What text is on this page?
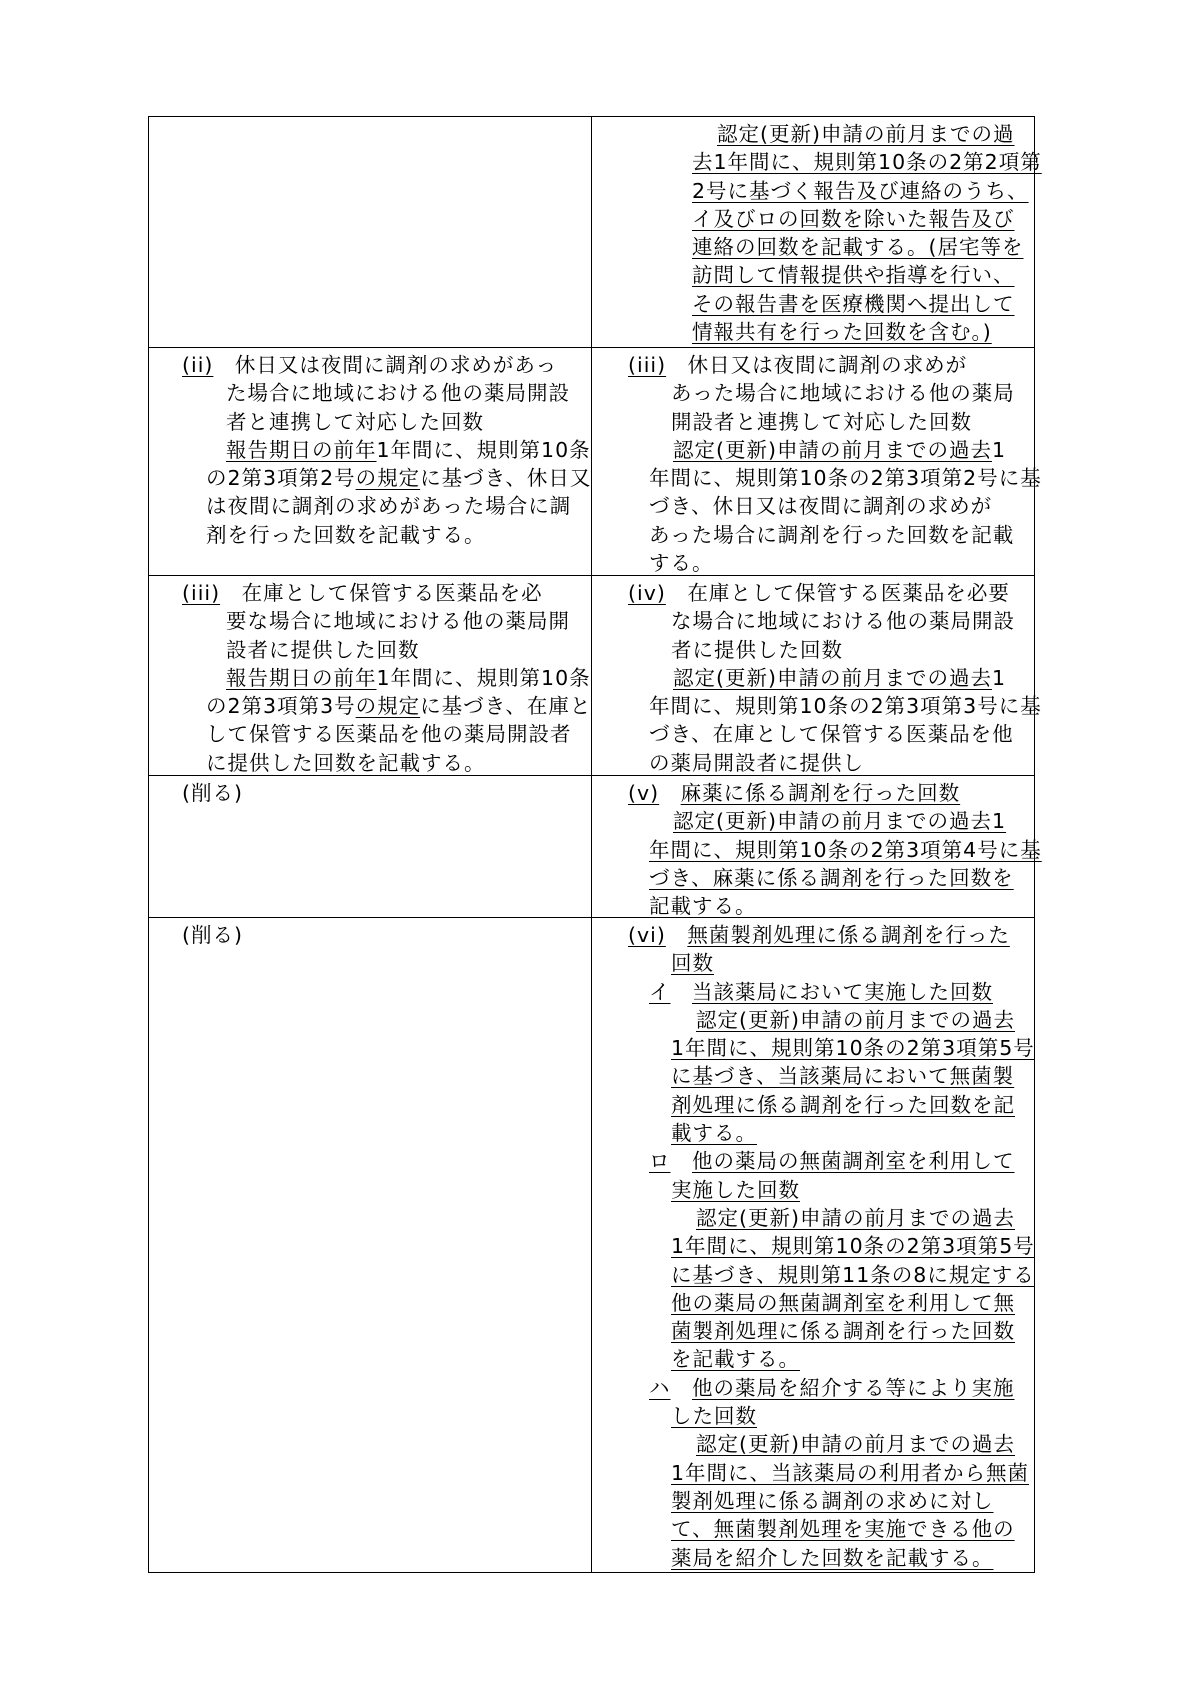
認定(更新)申請の前月までの過
去1年間に、規則第10条の2第2項第
2号に基づく報告及び連絡のうち、
イ及びロの回数を除いた報告及び
連絡の回数を記載する。(居宅等を
訪問して情報提供や指導を行い、
その報告書を医療機関へ提出して
情報共有を行った回数を含む。)
(ii)　休日又は夜間に調剤の求めがあっ
た場合に地域における他の薬局開設
者と連携して対応した回数
報告期日の前年1年間に、規則第10条
の2第3項第2号の規定に基づき、休日又
は夜間に調剤の求めがあった場合に調
剤を行った回数を記載する。
(iii)　休日又は夜間に調剤の求めが
あった場合に地域における他の薬局
開設者と連携して対応した回数
認定(更新)申請の前月までの過去1
年間に、規則第10条の2第3項第2号に基
づき、休日又は夜間に調剤の求めが
あった場合に調剤を行った回数を記載
する。
(iii)　在庫として保管する医薬品を必
要な場合に地域における他の薬局開
設者に提供した回数
報告期日の前年1年間に、規則第10条
の2第3項第3号の規定に基づき、在庫と
して保管する医薬品を他の薬局開設者
に提供した回数を記載する。
(iv)　在庫として保管する医薬品を必要
な場合に地域における他の薬局開設
者に提供した回数
認定(更新)申請の前月までの過去1
年間に、規則第10条の2第3項第3号に基
づき、在庫として保管する医薬品を他
の薬局開設者に提供し
(削る)	(v)　 麻薬に係る調剤を行った回数
認定(更新)申請の前月までの過去1
年間に、規則第10条の2第3項第4号に基
づき、麻薬に係る調剤を行った回数を
記載する。
(削る)	(vi)　 無菌製剤処理に係る調剤を行った
回数
イ　 当該薬局において実施した回数
認定(更新)申請の前月までの過去
1年間に、規則第10条の2第3項第5号
に基づき、当該薬局において無菌製
剤処理に係る調剤を行った回数を記
載する。
ロ　 他の薬局の無菌調剤室を利用して
実施した回数
認定(更新)申請の前月までの過去
1年間に、規則第10条の2第3項第5号
に基づき、規則第11条の8に規定する
他の薬局の無菌調剤室を利用して無
菌製剤処理に係る調剤を行った回数
を記載する。
ハ　 他の薬局を紹介する等により実施
した回数
認定(更新)申請の前月までの過去
1年間に、当該薬局の利用者から無菌
製剤処理に係る調剤の求めに対し
て、無菌製剤処理を実施できる他の
薬局を紹介した回数を記載する。
